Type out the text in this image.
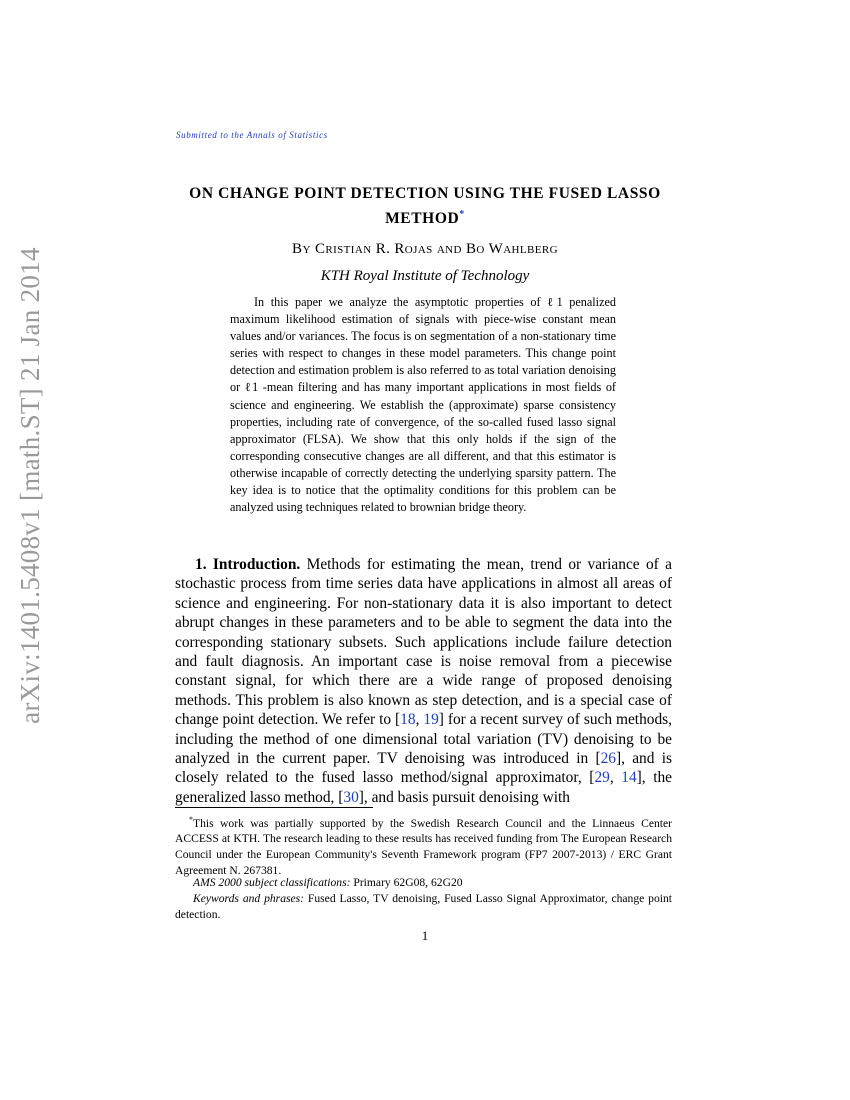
arXiv:1401.5408v1 [math.ST] 21 Jan 2014
Submitted to the Annals of Statistics
ON CHANGE POINT DETECTION USING THE FUSED LASSO METHOD*
By Cristian R. Rojas and Bo Wahlberg
KTH Royal Institute of Technology

In this paper we analyze the asymptotic properties of ℓ1 penalized maximum likelihood estimation of signals with piece-wise constant mean values and/or variances. The focus is on segmentation of a non-stationary time series with respect to changes in these model parameters. This change point detection and estimation problem is also referred to as total variation denoising or ℓ1 -mean filtering and has many important applications in most fields of science and engineering. We establish the (approximate) sparse consistency properties, including rate of convergence, of the so-called fused lasso signal approximator (FLSA). We show that this only holds if the sign of the corresponding consecutive changes are all different, and that this estimator is otherwise incapable of correctly detecting the underlying sparsity pattern. The key idea is to notice that the optimality conditions for this problem can be analyzed using techniques related to brownian bridge theory.

1. Introduction. Methods for estimating the mean, trend or variance of a stochastic process from time series data have applications in almost all areas of science and engineering. For non-stationary data it is also important to detect abrupt changes in these parameters and to be able to segment the data into the corresponding stationary subsets. Such applications include failure detection and fault diagnosis. An important case is noise removal from a piecewise constant signal, for which there are a wide range of proposed denoising methods. This problem is also known as step detection, and is a special case of change point detection. We refer to [18, 19] for a recent survey of such methods, including the method of one dimensional total variation (TV) denoising to be analyzed in the current paper. TV denoising was introduced in [26], and is closely related to the fused lasso method/signal approximator, [29, 14], the generalized lasso method, [30], and basis pursuit denoising with

*This work was partially supported by the Swedish Research Council and the Linnaeus Center ACCESS at KTH. The research leading to these results has received funding from The European Research Council under the European Community's Seventh Framework program (FP7 2007-2013) / ERC Grant Agreement N. 267381.

AMS 2000 subject classifications: Primary 62G08, 62G20

Keywords and phrases: Fused Lasso, TV denoising, Fused Lasso Signal Approximator, change point detection.

1
